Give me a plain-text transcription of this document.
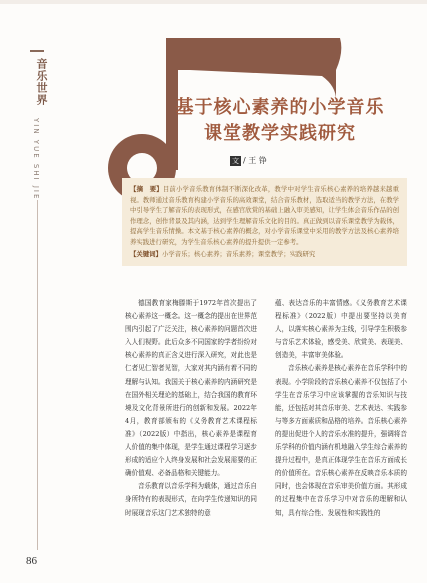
音乐世界
YIN YUE SHI JIE
86
基于核心素养的小学音乐
课堂教学实践研究
文 / 王 铮
【摘　要】目前小学音乐教育体制不断深化改革，教学中对学生音乐核心素养的培养越来越重视。教师通过音乐教育构建小学音乐的高效课堂，结合音乐教材，选取适当的教学方法，在教学中引导学生了解音乐的表现形式，在感官欣赏的基础上融入审美感知，让学生体会音乐作品的创作理念，创作背景及其内涵，达到学生理解音乐文化的目的。真正做到以音乐课堂教学为载体，提高学生音乐情操。本文基于核心素养的概念，对小学音乐课堂中采用的教学方法及核心素养培养实践进行研究，为学生音乐核心素养的提升提供一定参考。
【关键词】小学音乐；核心素养；音乐素养；课堂教学；实践研究

德国教育家梅滕斯于1972年首次提出了核心素养这一概念。这一概念的提出在世界范围内引起了广泛关注，核心素养的问题首次进入人们视野。此后众多不同国家的学者纷纷对核心素养的真正含义进行深入研究，对此也是仁者见仁智者见智，大家对其内涵有着不同的理解与认知。我国关于核心素养的内涵研究是在国外相关理论的基础上，结合我国的教育环境及文化背景所进行的创新和发展。2022年4月，教育部颁布的《义务教育艺术课程标准》（2022版）中指出，核心素养是课程育人价值的集中体现，是学生通过课程学习逐步形成的适应个人终身发展和社会发展需要的正确价值观、必备品格和关键能力。

音乐教育以音乐学科为载体，通过音乐自身所特有的表现形式，在向学生传递知识的同时展现音乐这门艺术独特的意

蕴、表达音乐的丰富情感。《义务教育艺术课程标准》（2022版）中提出要坚持以美育人，以落实核心素养为主线，引导学生积极参与音乐艺术体验，感受美、欣赏美、表现美、创造美，丰富审美体验。

音乐核心素养是核心素养在音乐学科中的表现。小学阶段的音乐核心素养不仅包括了小学生在音乐学习中应该掌握的音乐知识与技能，还包括对其音乐审美、艺术表达、实践参与等多方面素质和品格的培养。音乐核心素养的提出促进个人的音乐水准的提升，强调将音乐学科的价值内涵有机地融入学生综合素养的提升过程中，是真正体现学生在音乐方面成长的价值所在。音乐核心素养在反映音乐本质的同时，也会体现在音乐审美价值方面。其形成的过程集中在音乐学习中对音乐的理解和认知，具有综合性、发展性和实践性的
